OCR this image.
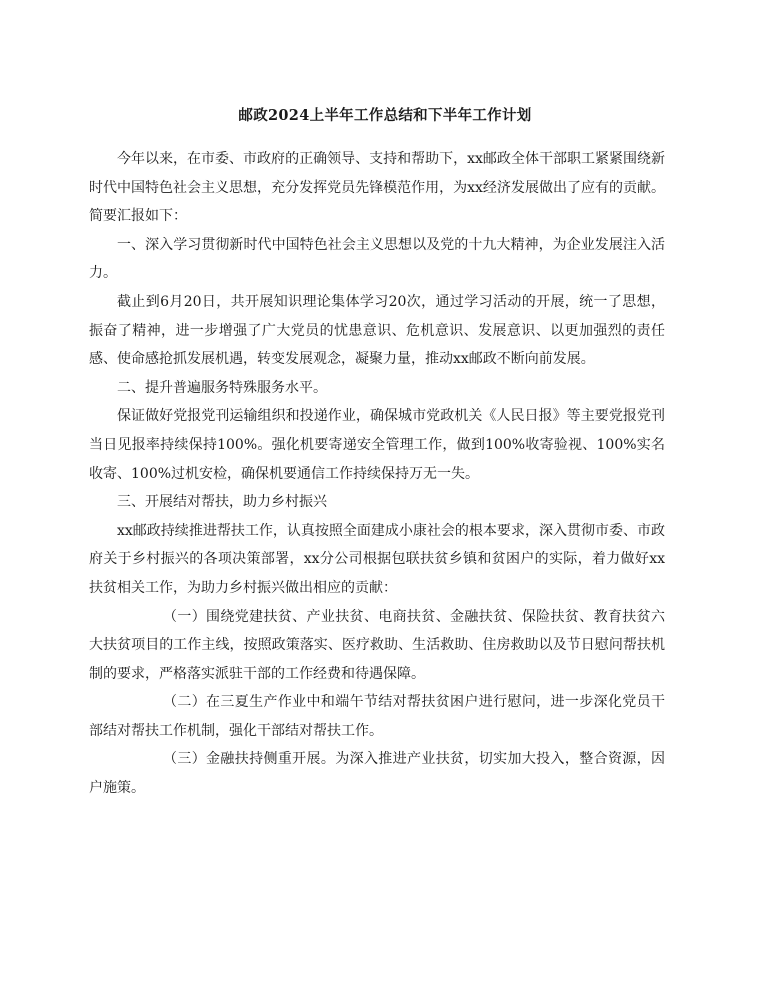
邮政2024上半年工作总结和下半年工作计划

今年以来，在市委、市政府的正确领导、支持和帮助下，xx邮政全体干部职工紧紧围绕新时代中国特色社会主义思想，充分发挥党员先锋模范作用，为xx经济发展做出了应有的贡献。简要汇报如下：

一、深入学习贯彻新时代中国特色社会主义思想以及党的十九大精神，为企业发展注入活力。

截止到6月20日，共开展知识理论集体学习20次，通过学习活动的开展，统一了思想，振奋了精神，进一步增强了广大党员的忧患意识、危机意识、发展意识、以更加强烈的责任感、使命感抢抓发展机遇，转变发展观念，凝聚力量，推动xx邮政不断向前发展。

二、提升普遍服务特殊服务水平。

保证做好党报党刊运输组织和投递作业，确保城市党政机关《人民日报》等主要党报党刊当日见报率持续保持100%。强化机要寄递安全管理工作，做到100%收寄验视、100%实名收寄、100%过机安检，确保机要通信工作持续保持万无一失。

三、开展结对帮扶，助力乡村振兴

xx邮政持续推进帮扶工作，认真按照全面建成小康社会的根本要求，深入贯彻市委、市政府关于乡村振兴的各项决策部署，xx分公司根据包联扶贫乡镇和贫困户的实际，着力做好xx扶贫相关工作，为助力乡村振兴做出相应的贡献：

（一）围绕党建扶贫、产业扶贫、电商扶贫、金融扶贫、保险扶贫、教育扶贫六大扶贫项目的工作主线，按照政策落实、医疗救助、生活救助、住房救助以及节日慰问帮扶机制的要求，严格落实派驻干部的工作经费和待遇保障。

（二）在三夏生产作业中和端午节结对帮扶贫困户进行慰问，进一步深化党员干部结对帮扶工作机制，强化干部结对帮扶工作。

（三）金融扶持侧重开展。为深入推进产业扶贫，切实加大投入，整合资源，因户施策。
